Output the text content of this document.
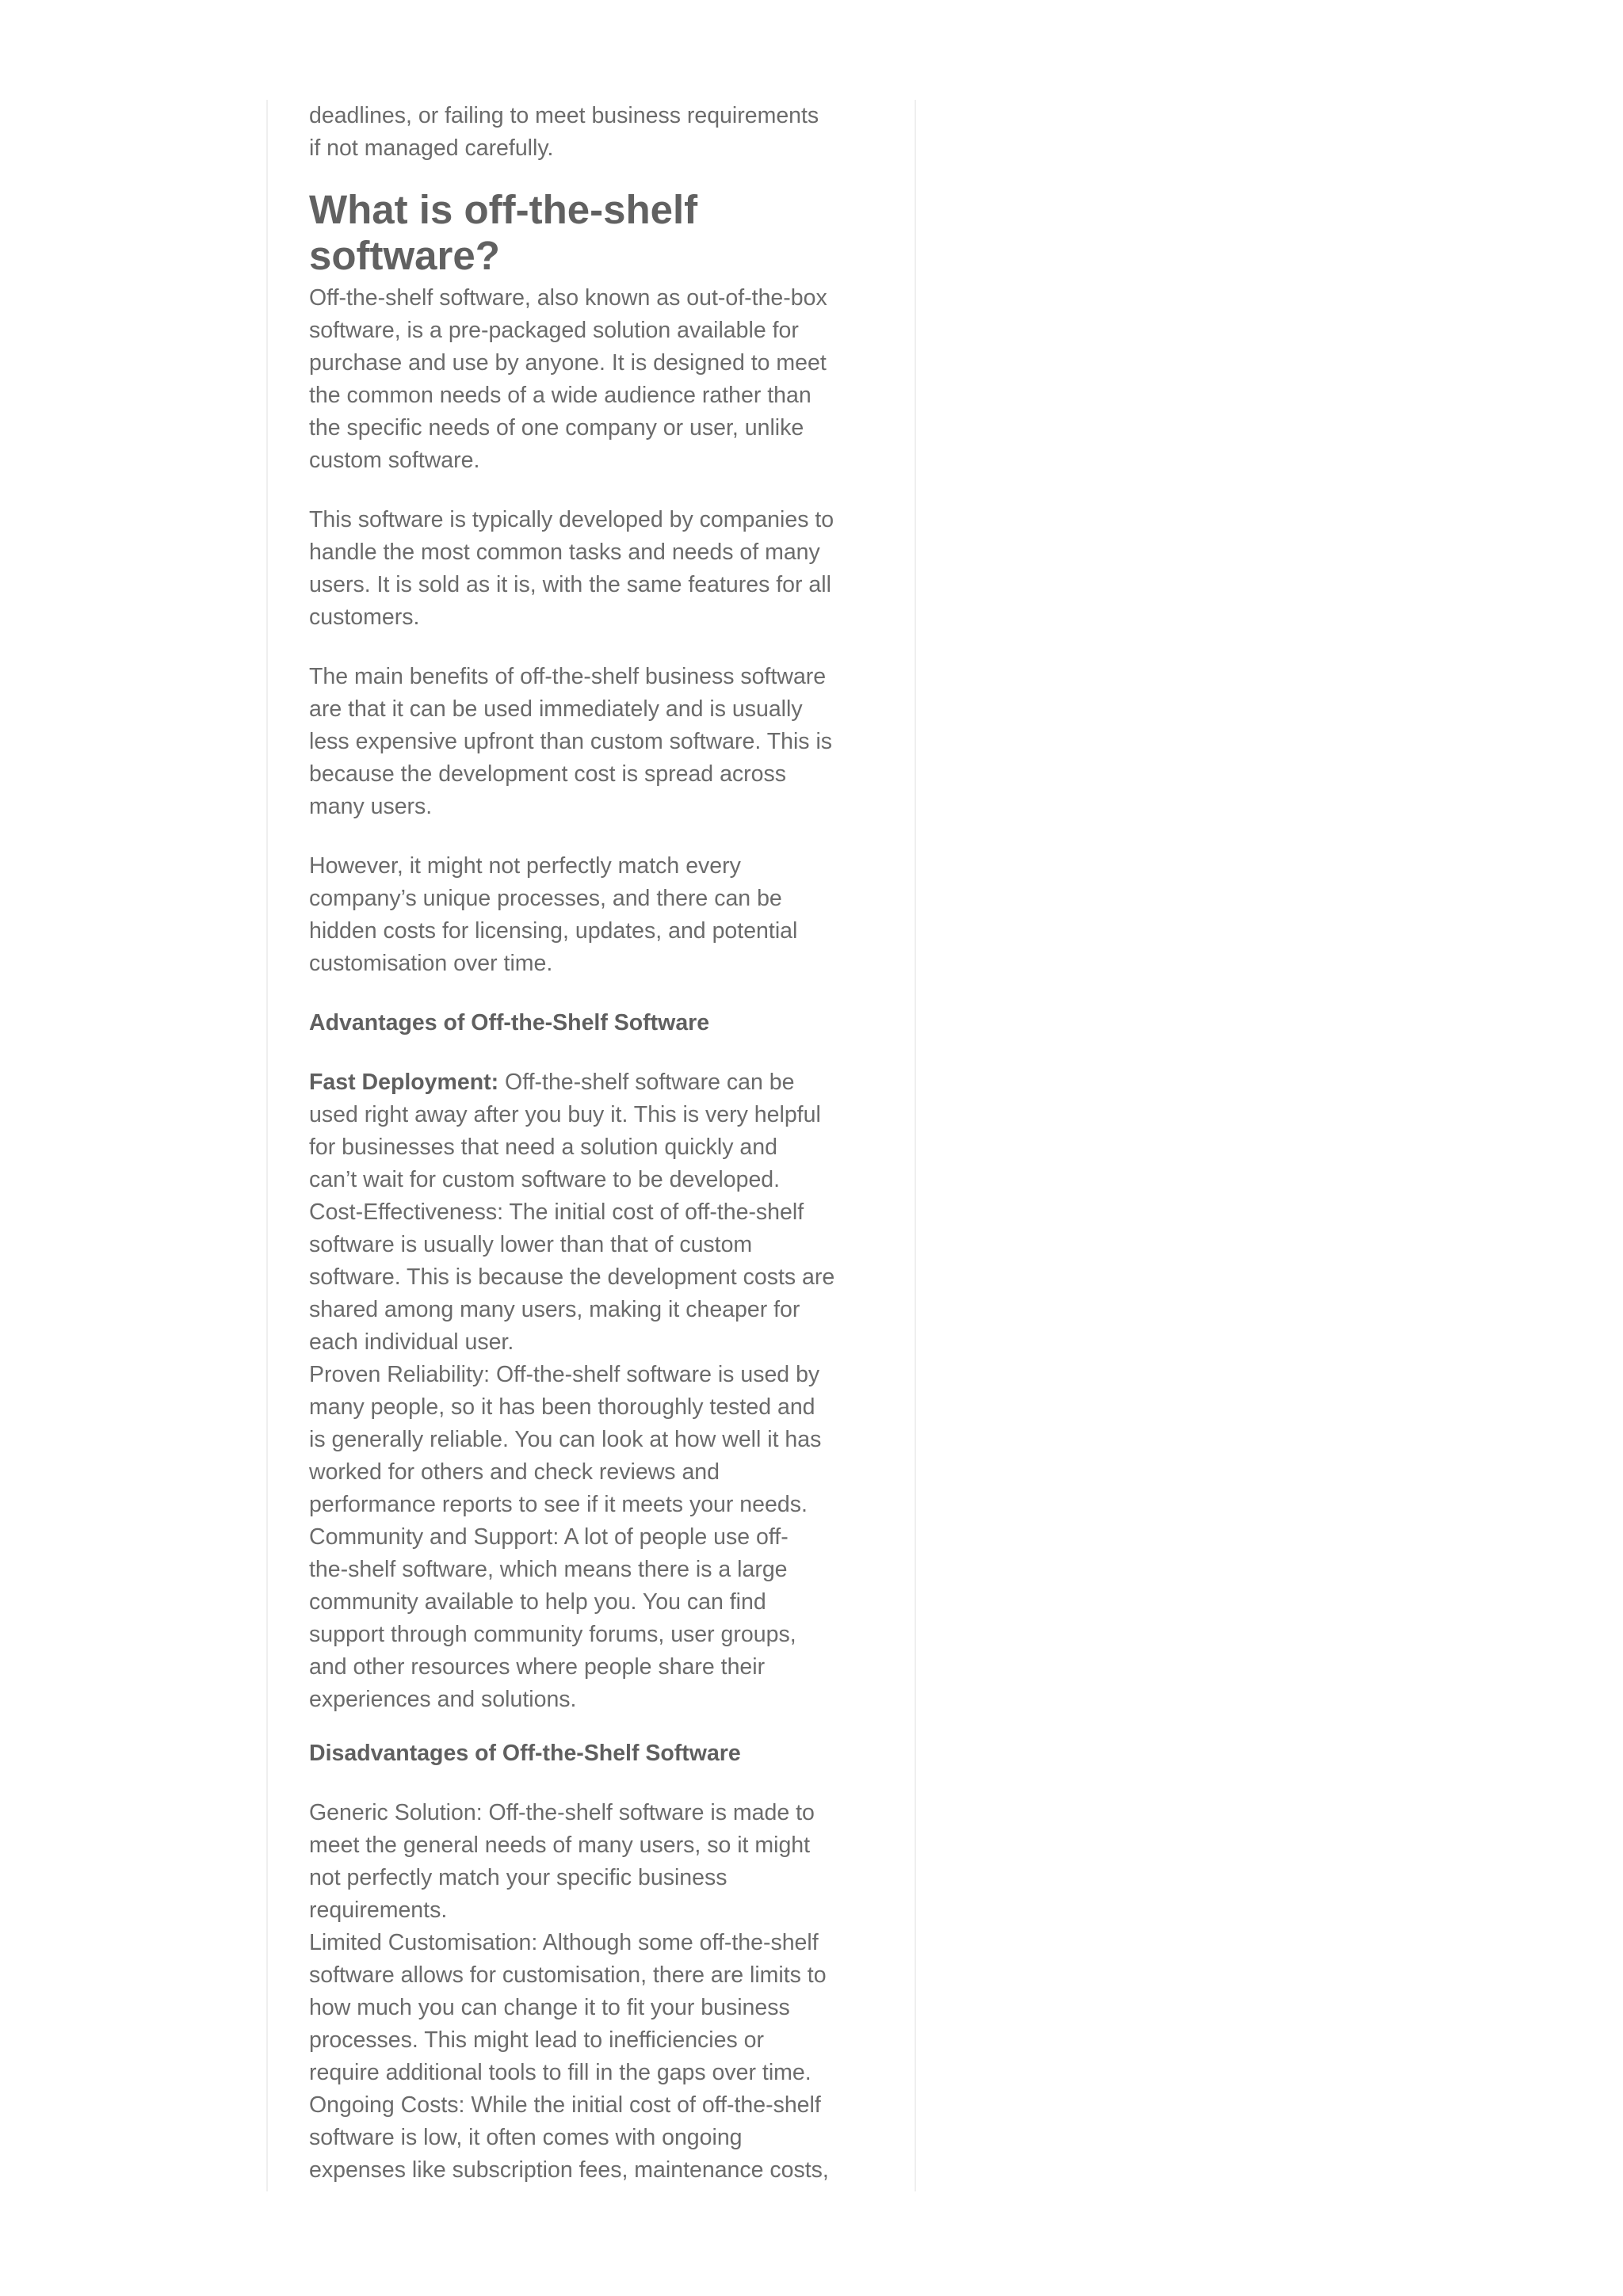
deadlines, or failing to meet business requirements
if not managed carefully.

What is off-the-shelf
software?

Off-the-shelf software, also known as out-of-the-box
software, is a pre-packaged solution available for
purchase and use by anyone. It is designed to meet
the common needs of a wide audience rather than
the specific needs of one company or user, unlike
custom software.

This software is typically developed by companies to
handle the most common tasks and needs of many
users. It is sold as it is, with the same features for all
customers.

The main benefits of off-the-shelf business software
are that it can be used immediately and is usually
less expensive upfront than custom software. This is
because the development cost is spread across
many users.

However, it might not perfectly match every
company’s unique processes, and there can be
hidden costs for licensing, updates, and potential
customisation over time.

Advantages of Off-the-Shelf Software

Fast Deployment: Off-the-shelf software can be
used right away after you buy it. This is very helpful
for businesses that need a solution quickly and
can’t wait for custom software to be developed.
Cost-Effectiveness: The initial cost of off-the-shelf
software is usually lower than that of custom
software. This is because the development costs are
shared among many users, making it cheaper for
each individual user.
Proven Reliability: Off-the-shelf software is used by
many people, so it has been thoroughly tested and
is generally reliable. You can look at how well it has
worked for others and check reviews and
performance reports to see if it meets your needs.
Community and Support: A lot of people use off-
the-shelf software, which means there is a large
community available to help you. You can find
support through community forums, user groups,
and other resources where people share their
experiences and solutions.

Disadvantages of Off-the-Shelf Software

Generic Solution: Off-the-shelf software is made to
meet the general needs of many users, so it might
not perfectly match your specific business
requirements.
Limited Customisation: Although some off-the-shelf
software allows for customisation, there are limits to
how much you can change it to fit your business
processes. This might lead to inefficiencies or
require additional tools to fill in the gaps over time.
Ongoing Costs: While the initial cost of off-the-shelf
software is low, it often comes with ongoing
expenses like subscription fees, maintenance costs,
